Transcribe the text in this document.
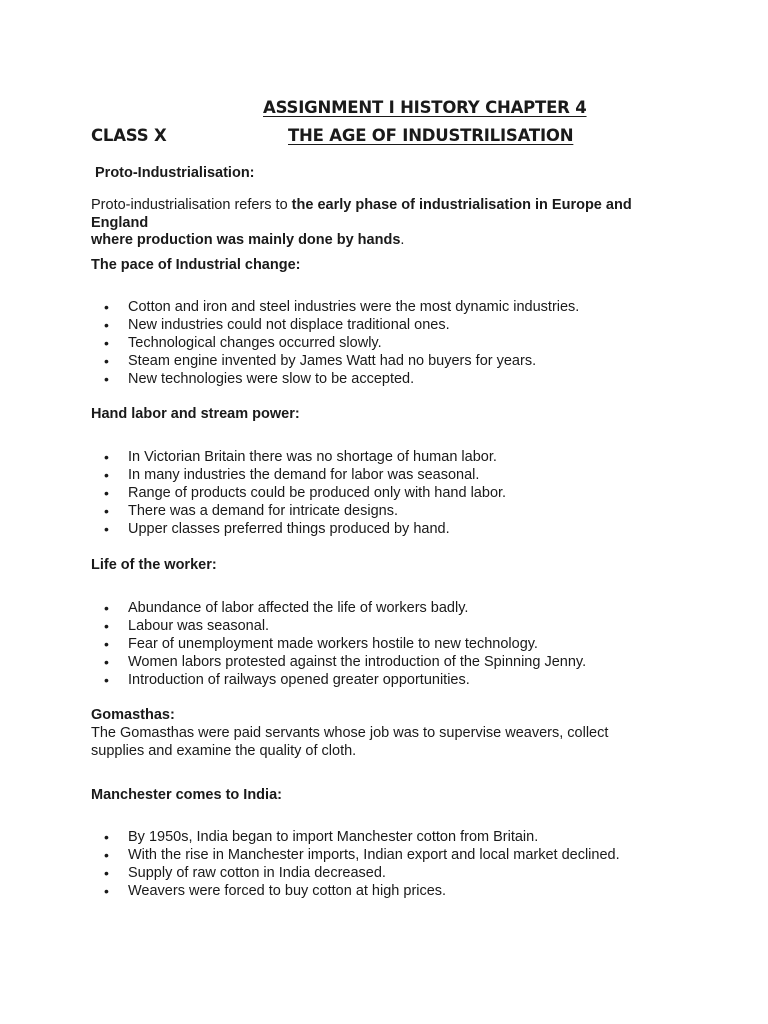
ASSIGNMENT I HISTORY CHAPTER 4
CLASS X	THE AGE OF INDUSTRILISATION
Proto-Industrialisation:
Proto-industrialisation refers to the early phase of industrialisation in Europe and England
where production was mainly done by hands.
The pace of Industrial change:
• Cotton and iron and steel industries were the most dynamic industries.
• New industries could not displace traditional ones.
• Technological changes occurred slowly.
• Steam engine invented by James Watt had no buyers for years.
• New technologies were slow to be accepted.
Hand labor and stream power:
• In Victorian Britain there was no shortage of human labor.
• In many industries the demand for labor was seasonal.
• Range of products could be produced only with hand labor.
• There was a demand for intricate designs.
• Upper classes preferred things produced by hand.
Life of the worker:
• Abundance of labor affected the life of workers badly.
• Labour was seasonal.
• Fear of unemployment made workers hostile to new technology.
• Women labors protested against the introduction of the Spinning Jenny.
• Introduction of railways opened greater opportunities.
Gomasthas:
The Gomasthas were paid servants whose job was to supervise weavers, collect
supplies and examine the quality of cloth.
Manchester comes to India:
• By 1950s, India began to import Manchester cotton from Britain.
• With the rise in Manchester imports, Indian export and local market declined.
• Supply of raw cotton in India decreased.
• Weavers were forced to buy cotton at high prices.
